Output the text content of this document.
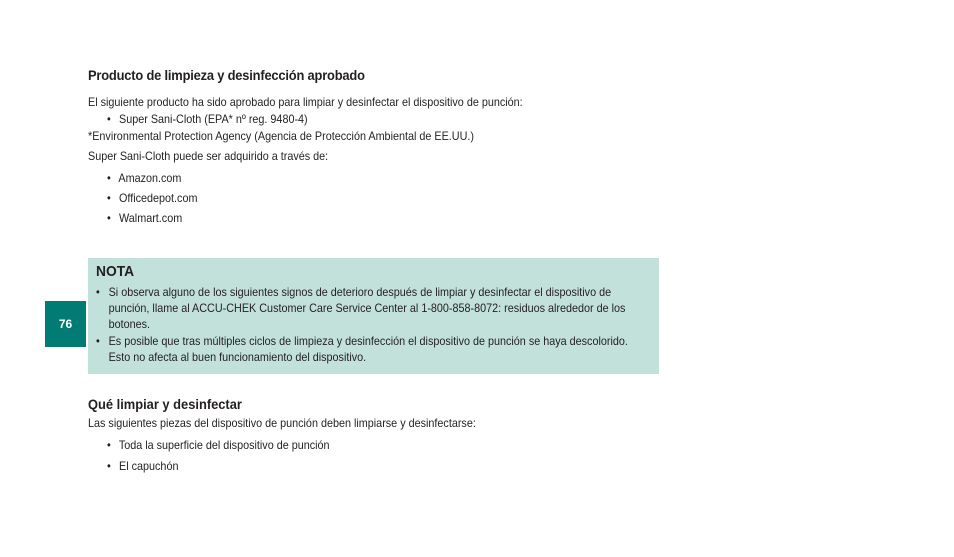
Producto de limpieza y desinfección aprobado
El siguiente producto ha sido aprobado para limpiar y desinfectar el dispositivo de punción:
• Super Sani-Cloth (EPA* nº reg. 9480-4)
*Environmental Protection Agency (Agencia de Protección Ambiental de EE.UU.)
Super Sani-Cloth puede ser adquirido a través de:
• Amazon.com
• Officedepot.com
• Walmart.com
NOTA
• Si observa alguno de los siguientes signos de deterioro después de limpiar y desinfectar el dispositivo de punción, llame al ACCU-CHEK Customer Care Service Center al 1-800-858-8072: residuos alrededor de los botones.
• Es posible que tras múltiples ciclos de limpieza y desinfección el dispositivo de punción se haya descolorido. Esto no afecta al buen funcionamiento del dispositivo.
76
Qué limpiar y desinfectar
Las siguientes piezas del dispositivo de punción deben limpiarse y desinfectarse:
• Toda la superficie del dispositivo de punción
• El capuchón
